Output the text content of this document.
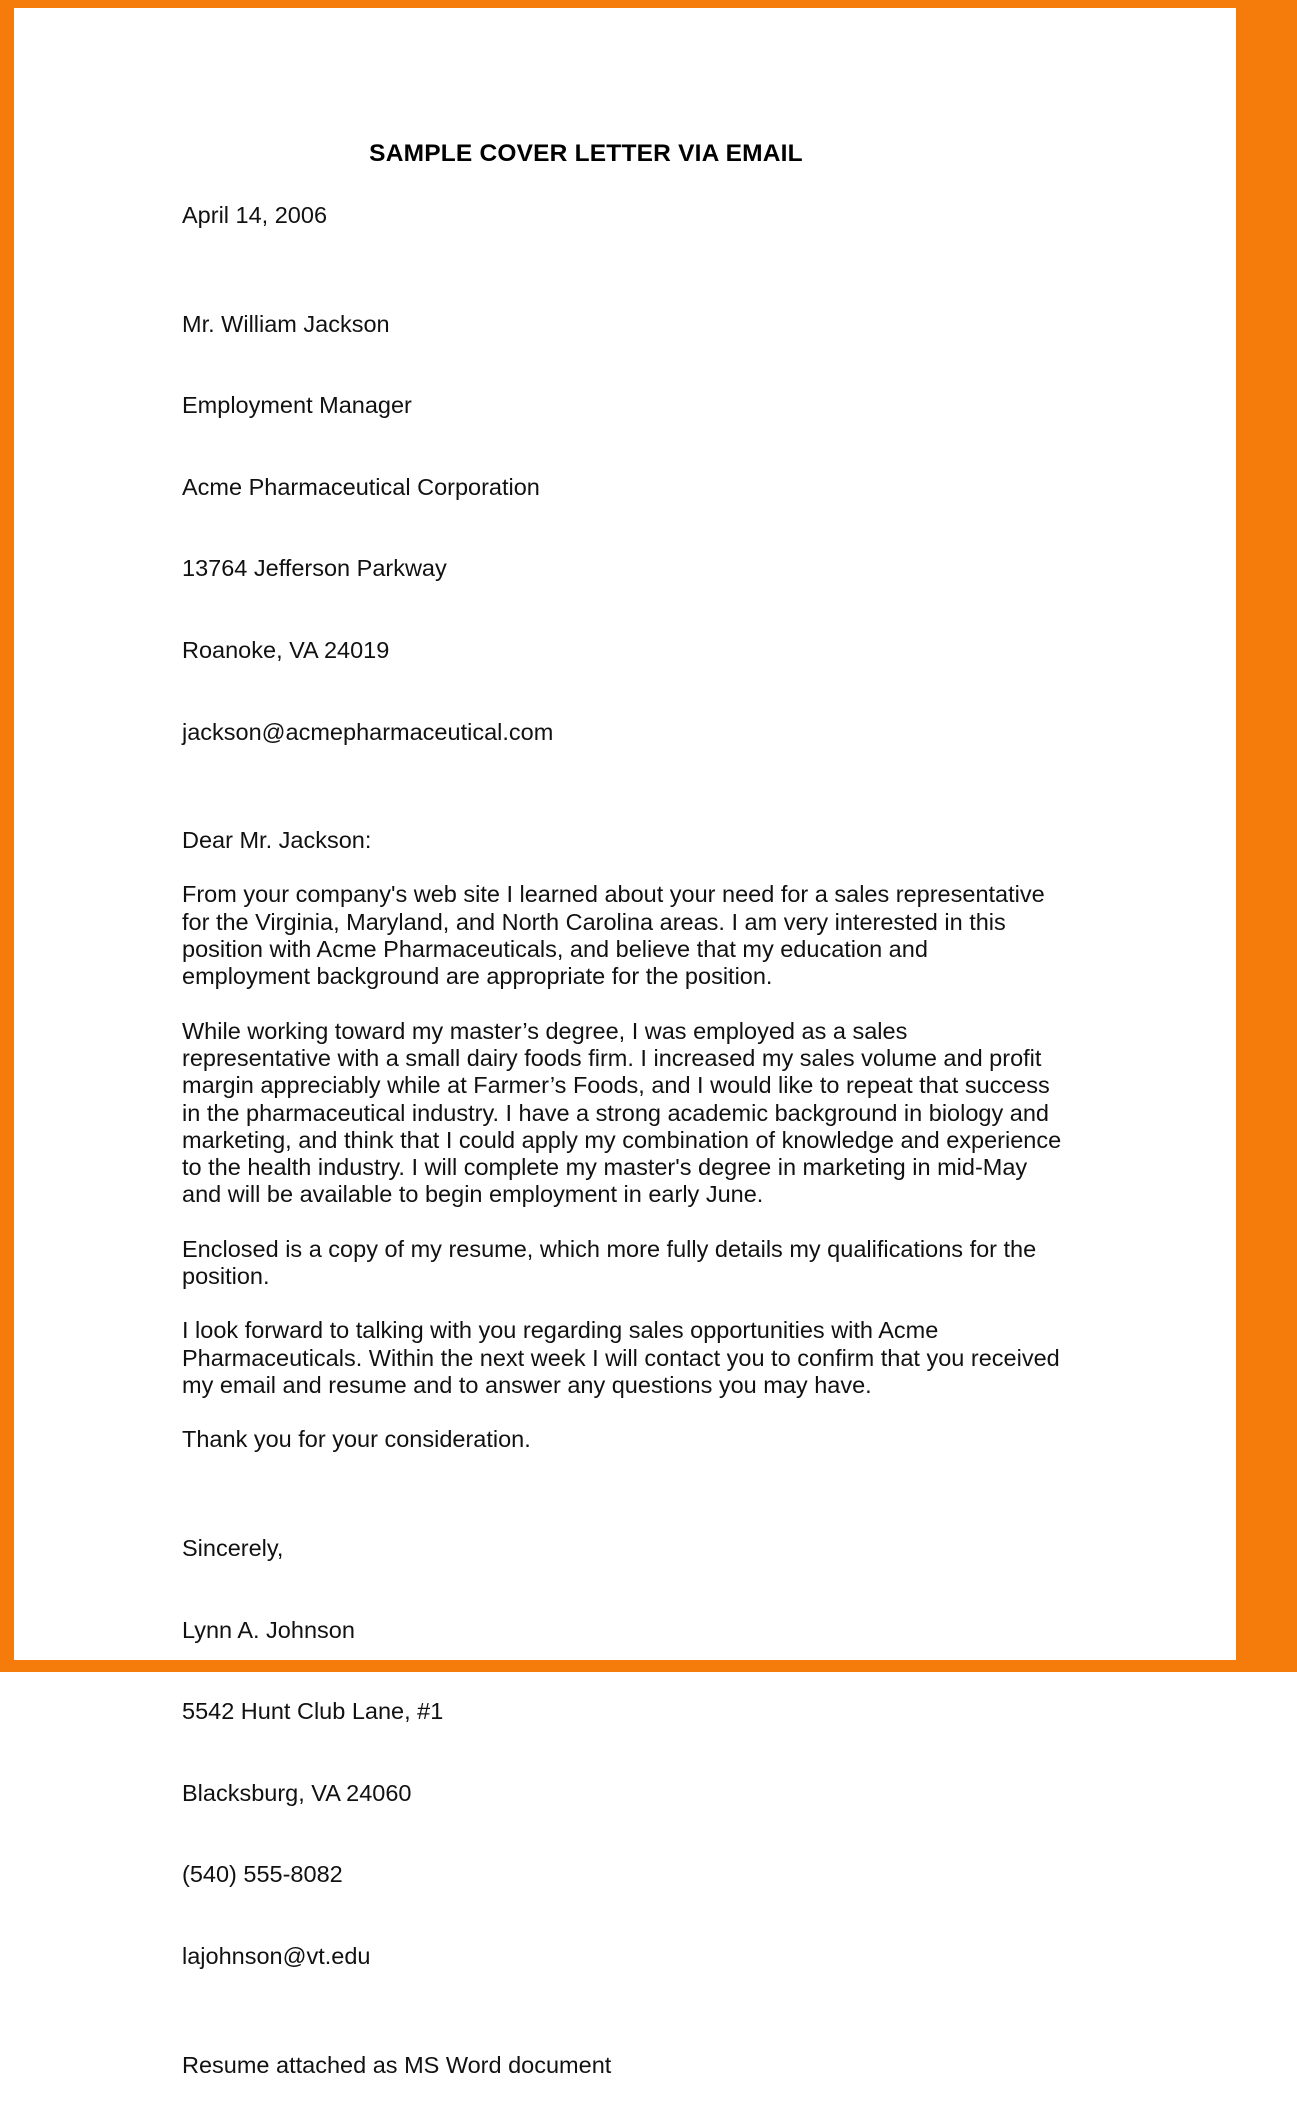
SAMPLE COVER LETTER VIA EMAIL
April 14, 2006

Mr. William Jackson

Employment Manager

Acme Pharmaceutical Corporation

13764 Jefferson Parkway

Roanoke, VA 24019

jackson@acmepharmaceutical.com

Dear Mr. Jackson:

From your company's web site I learned about your need for a sales representative for the Virginia, Maryland, and North Carolina areas. I am very interested in this position with Acme Pharmaceuticals, and believe that my education and employment background are appropriate for the position.

While working toward my master’s degree, I was employed as a sales representative with a small dairy foods firm. I increased my sales volume and profit margin appreciably while at Farmer’s Foods, and I would like to repeat that success in the pharmaceutical industry. I have a strong academic background in biology and marketing, and think that I could apply my combination of knowledge and experience to the health industry. I will complete my master's degree in marketing in mid-May and will be available to begin employment in early June.

Enclosed is a copy of my resume, which more fully details my qualifications for the position.

I look forward to talking with you regarding sales opportunities with Acme Pharmaceuticals. Within the next week I will contact you to confirm that you received my email and resume and to answer any questions you may have.

Thank you for your consideration.

Sincerely,

Lynn A. Johnson

5542 Hunt Club Lane, #1

Blacksburg, VA 24060

(540) 555-8082

lajohnson@vt.edu

Resume attached as MS Word document
